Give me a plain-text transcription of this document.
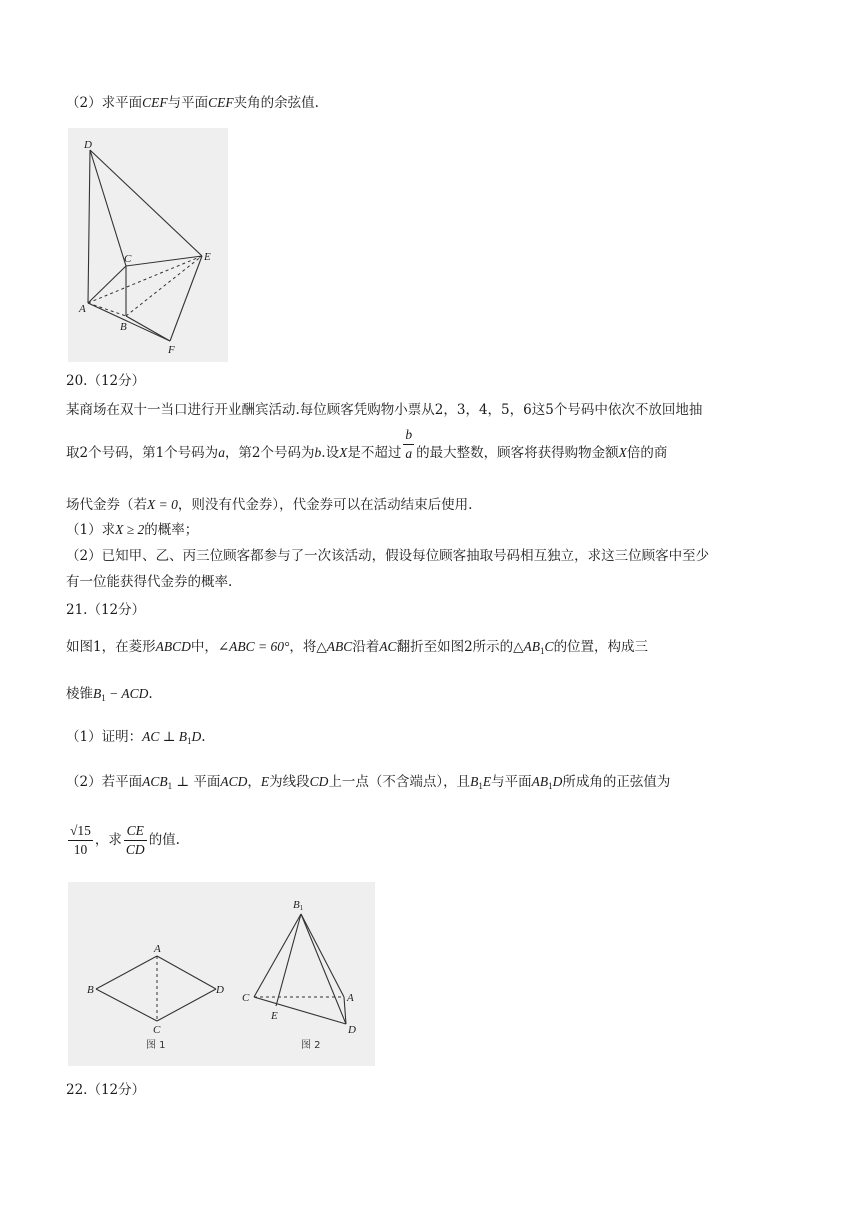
（2）求平面CEF与平面CEF夹角的余弦值.
D
C	E
A
B
F
20.（12分）
某商场在双十一当口进行开业酬宾活动.每位顾客凭购物小票从2，3，4，5，6这5个号码中依次不放回地抽
取2个号码，第1个号码为a，第2个号码为b.设X是不超过 $\frac{b}{a}$ 的最大整数，顾客将获得购物金额X倍的商
场代金券（若X = 0，则没有代金券），代金券可以在活动结束后使用.
（1）求X ≥ 2的概率；
（2）已知甲、乙、丙三位顾客都参与了一次该活动，假设每位顾客抽取号码相互独立，求这三位顾客中至少
有一位能获得代金券的概率.
21.（12分）
如图1，在菱形ABCD中，∠ABC = 60°，将△ABC沿着AC翻折至如图2所示的$\triangle AB_1C$的位置，构成三
棱锥$B_1$ − ACD.
（1）证明：AC ⊥ $B_1D$.
（2）若平面$ACB_1$ ⊥ 平面ACD，E为线段CD上一点（不含端点），且$B_1E$与平面$AB_1D$所成角的正弦值为
$\frac{√15}{10}$ ，求 $\frac{CE}{CD}$ 的值.
A
B
C
D
B1
C	A
E
D
图 1	图 2
22.（12分）
